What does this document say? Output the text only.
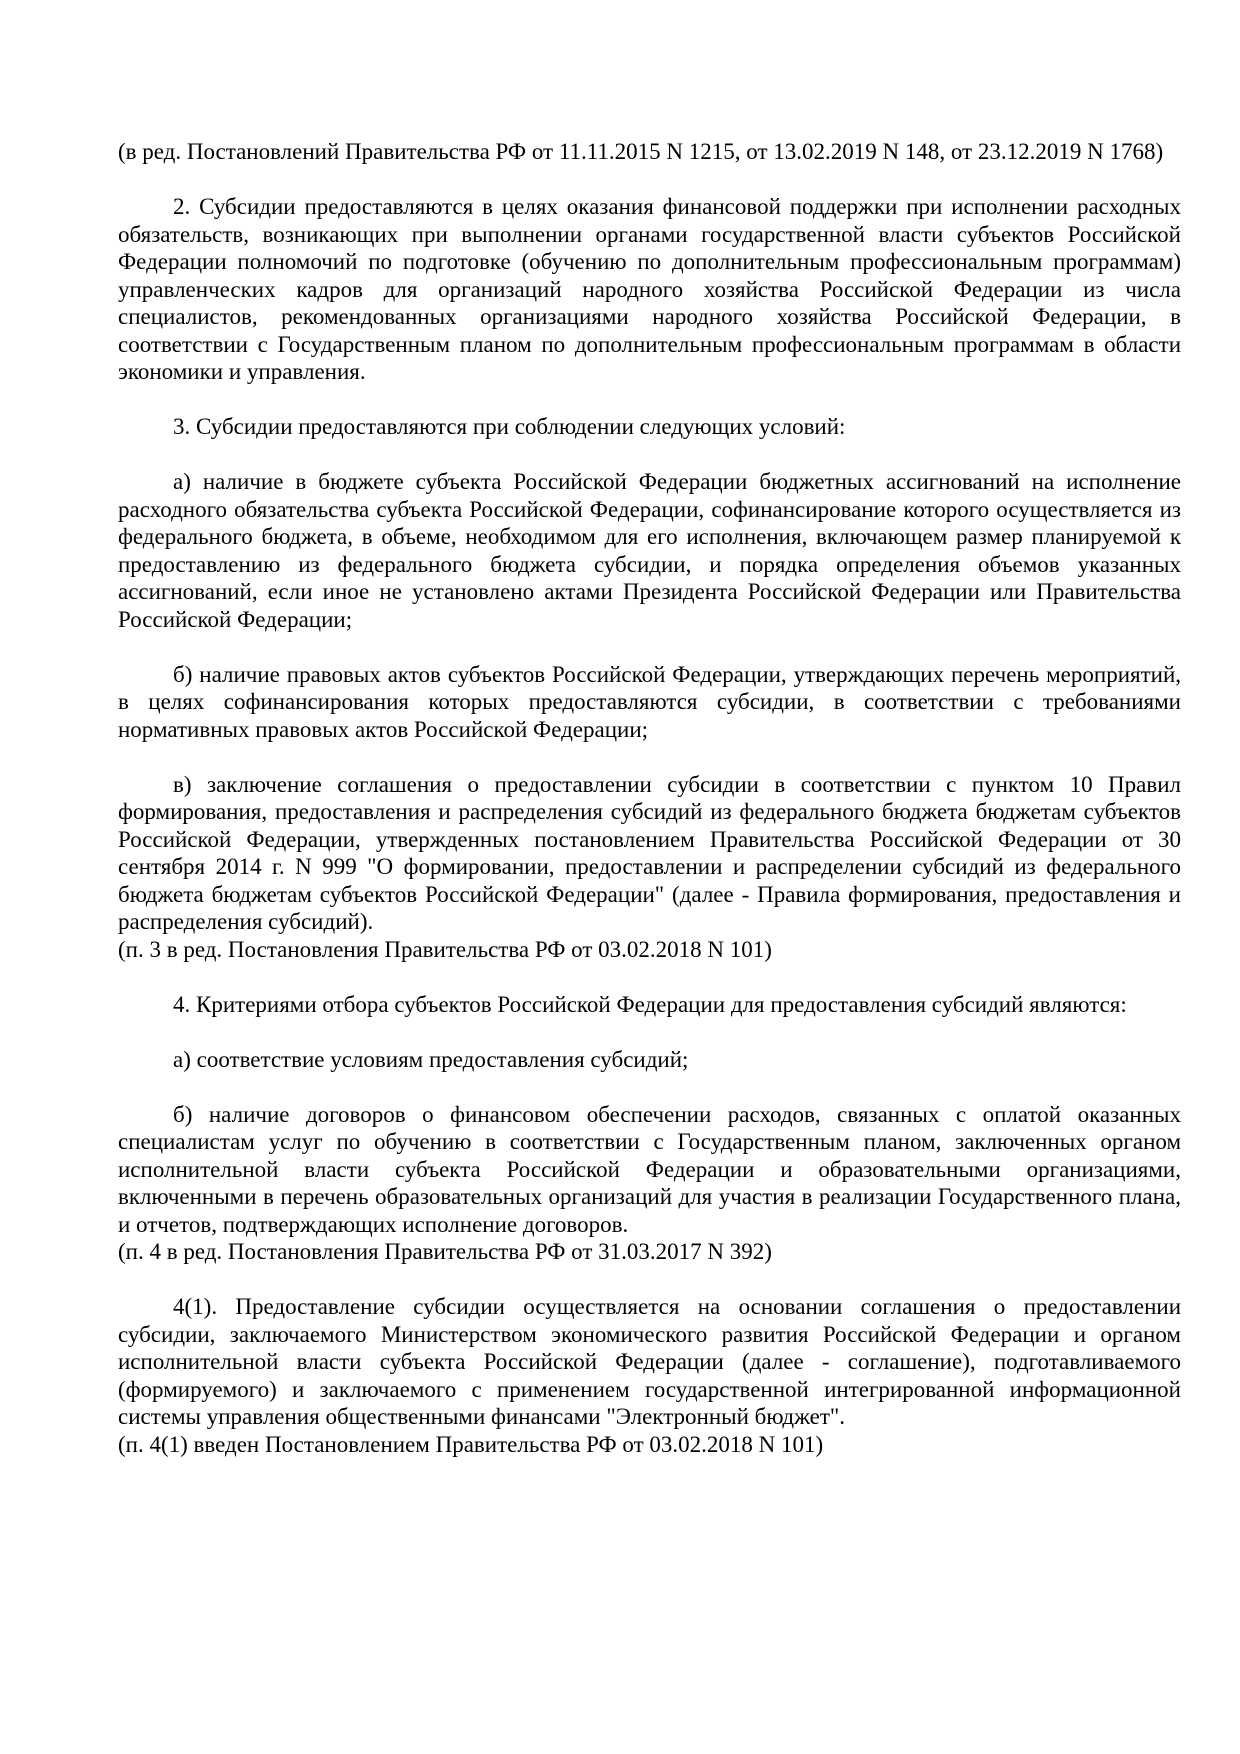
(в ред. Постановлений Правительства РФ от 11.11.2015 N 1215, от 13.02.2019 N 148, от 23.12.2019 N 1768)
2. Субсидии предоставляются в целях оказания финансовой поддержки при исполнении расходных обязательств, возникающих при выполнении органами государственной власти субъектов Российской Федерации полномочий по подготовке (обучению по дополнительным профессиональным программам) управленческих кадров для организаций народного хозяйства Российской Федерации из числа специалистов, рекомендованных организациями народного хозяйства Российской Федерации, в соответствии с Государственным планом по дополнительным профессиональным программам в области экономики и управления.
3. Субсидии предоставляются при соблюдении следующих условий:
а) наличие в бюджете субъекта Российской Федерации бюджетных ассигнований на исполнение расходного обязательства субъекта Российской Федерации, софинансирование которого осуществляется из федерального бюджета, в объеме, необходимом для его исполнения, включающем размер планируемой к предоставлению из федерального бюджета субсидии, и порядка определения объемов указанных ассигнований, если иное не установлено актами Президента Российской Федерации или Правительства Российской Федерации;
б) наличие правовых актов субъектов Российской Федерации, утверждающих перечень мероприятий, в целях софинансирования которых предоставляются субсидии, в соответствии с требованиями нормативных правовых актов Российской Федерации;
в) заключение соглашения о предоставлении субсидии в соответствии с пунктом 10 Правил формирования, предоставления и распределения субсидий из федерального бюджета бюджетам субъектов Российской Федерации, утвержденных постановлением Правительства Российской Федерации от 30 сентября 2014 г. N 999 "О формировании, предоставлении и распределении субсидий из федерального бюджета бюджетам субъектов Российской Федерации" (далее - Правила формирования, предоставления и распределения субсидий).
(п. 3 в ред. Постановления Правительства РФ от 03.02.2018 N 101)
4. Критериями отбора субъектов Российской Федерации для предоставления субсидий являются:
а) соответствие условиям предоставления субсидий;
б) наличие договоров о финансовом обеспечении расходов, связанных с оплатой оказанных специалистам услуг по обучению в соответствии с Государственным планом, заключенных органом исполнительной власти субъекта Российской Федерации и образовательными организациями, включенными в перечень образовательных организаций для участия в реализации Государственного плана, и отчетов, подтверждающих исполнение договоров.
(п. 4 в ред. Постановления Правительства РФ от 31.03.2017 N 392)
4(1). Предоставление субсидии осуществляется на основании соглашения о предоставлении субсидии, заключаемого Министерством экономического развития Российской Федерации и органом исполнительной власти субъекта Российской Федерации (далее - соглашение), подготавливаемого (формируемого) и заключаемого с применением государственной интегрированной информационной системы управления общественными финансами "Электронный бюджет".
(п. 4(1) введен Постановлением Правительства РФ от 03.02.2018 N 101)
